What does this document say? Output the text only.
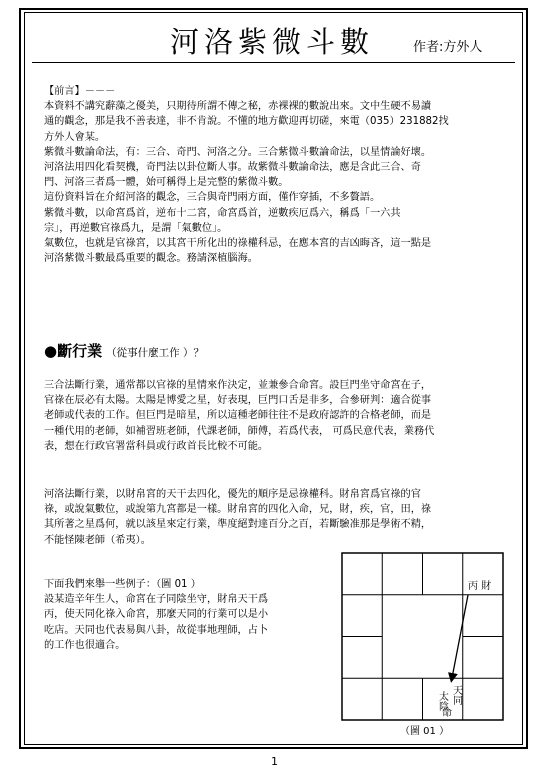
河洛紫微斗數	作者:方外人
【前言】－－－
本資料不講究辭藻之優美，只期待所謂不傳之秘，赤裸裸的數說出來。文中生硬不易讀
通的觀念，那是我不善表達，非不肯說。不懂的地方歡迎再切磋，來電（035）231882找
方外人會某。
紫微斗數論命法，有：三合、奇門、河洛之分。三合紫微斗數論命法，以星情論好壞。
河洛法用四化看契機，奇門法以卦位斷人事。故紫微斗數論命法，應是含此三合、奇
門、河洛三者爲一體，始可稱得上是完整的紫微斗數。
這份資料旨在介紹河洛的觀念，三合與奇門兩方面，僅作穿插，不多贅語。
紫微斗數，以命宮爲首，逆布十二宮，命宮爲首，逆數疾厄爲六，稱爲「一六共
宗」，再逆數官祿爲九，是謂「氣數位」。
氣數位，也就是官祿宮，以其宮干所化出的祿權科忌，在應本宮的吉凶晦吝，這一點是
河洛紫微斗數最爲重要的觀念。務請深植腦海。
●斷行業 （從事什麼工作 ）？
三合法斷行業，通常都以官祿的星情來作決定，並兼參合命宮。設巨門坐守命宮在子，
官祿在辰必有太陽。太陽是博愛之星，好表現，巨門口舌是非多，合參研判：適合從事
老師或代表的工作。但巨門是暗星，所以這種老師往往不是政府認許的合格老師，而是
一種代用的老師，如補習班老師，代課老師，師傅，若爲代表， 可爲民意代表，業務代
表，想在行政官署當科員或行政首長比較不可能。
河洛法斷行業，以財帛宮的天干去四化，優先的順序是忌祿權科。財帛宮爲官祿的官
祿，或說氣數位，或說第九宮都是一樣。財帛宮的四化入命，兄，財，疾，官，田，祿
其所著之星爲何，就以該星來定行業，準度絕對達百分之百，若斷驗准那是學術不精，
不能怪陳老師（希夷）。
下面我們來舉一些例子：（圖 01 ）
設某造辛年生人，命宮在子同陰坐守，財帛天干爲
丙，使天同化祿入命宮，那麼天同的行業可以是小
吃店。天同也代表易與八卦，故從事地理師，占卜
的工作也很適合。
丙 財
太陰 天同
命
（圖 01 ）
1
